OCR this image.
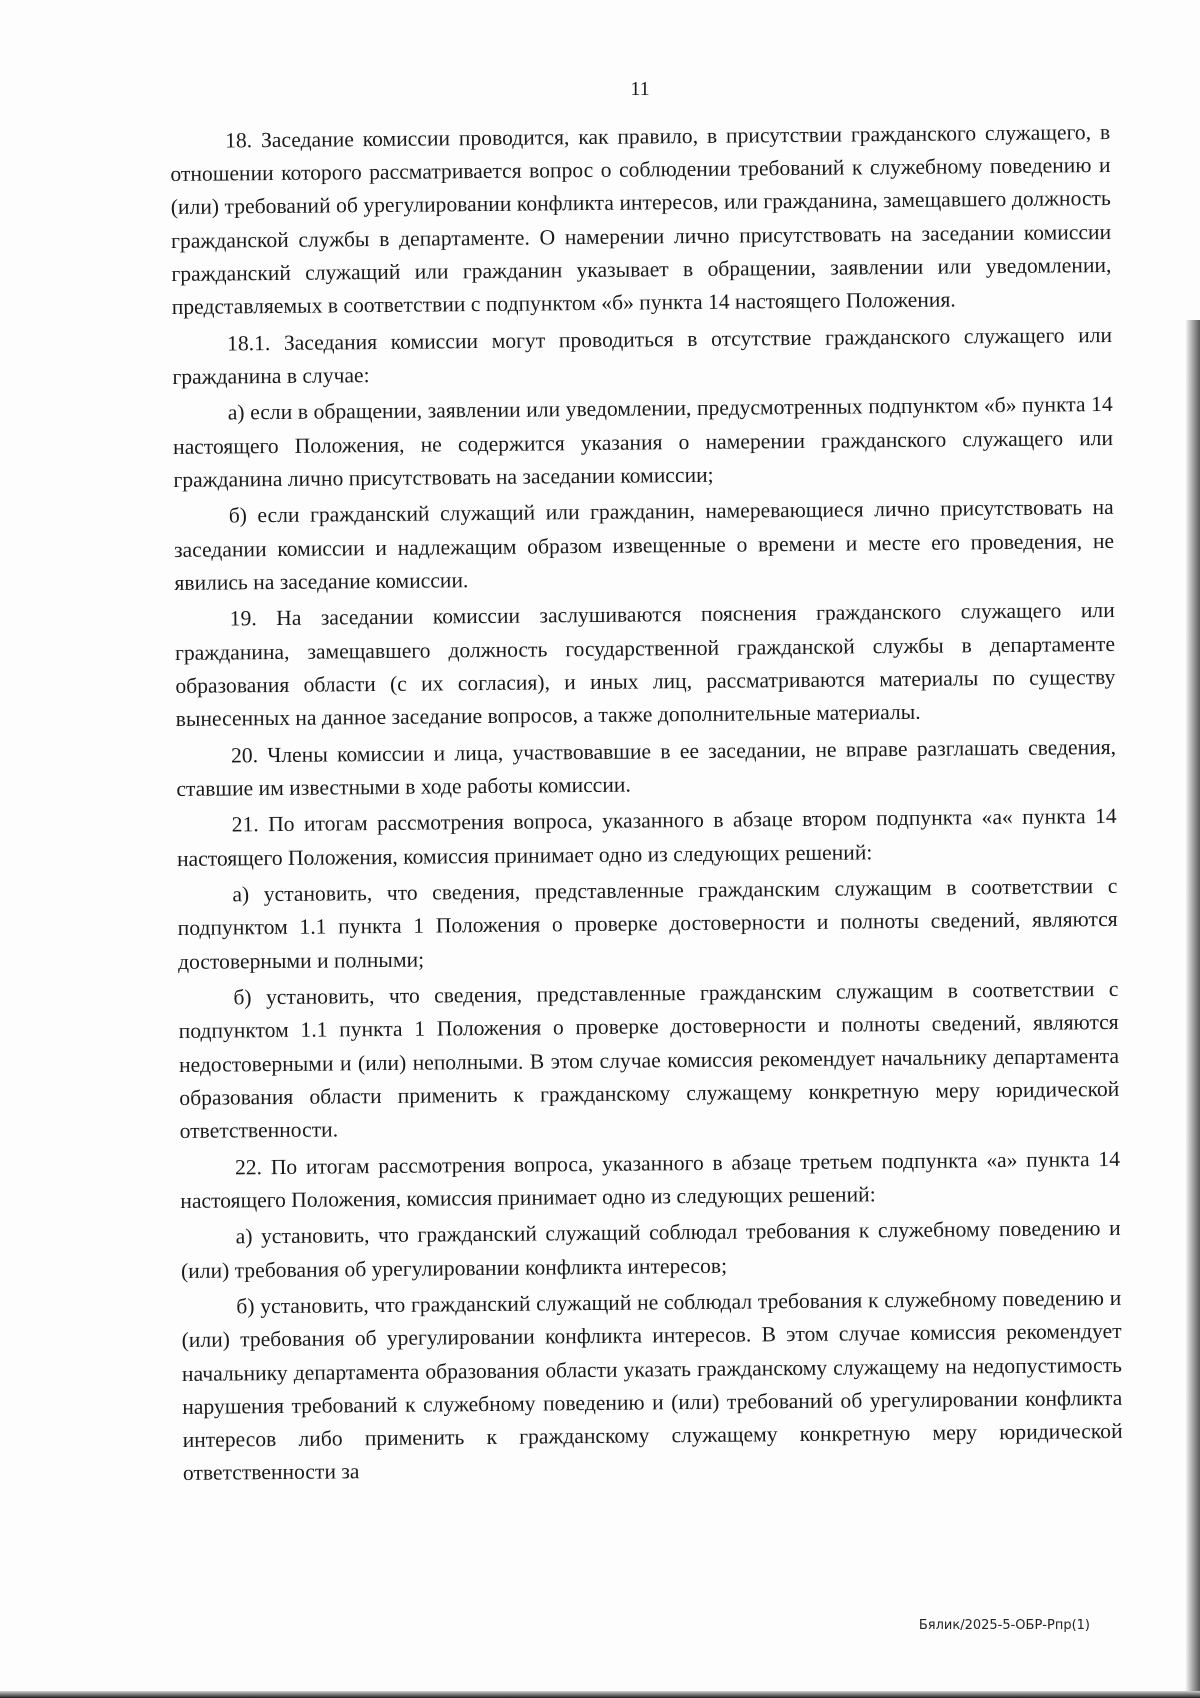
11

18. Заседание комиссии проводится, как правило, в присутствии гражданского служащего, в отношении которого рассматривается вопрос о соблюдении требований к служебному поведению и (или) требований об урегулировании конфликта интересов, или гражданина, замещавшего должность гражданской службы в департаменте. О намерении лично присутствовать на заседании комиссии гражданский служащий или гражданин указывает в обращении, заявлении или уведомлении, представляемых в соответствии с подпунктом «б» пункта 14 настоящего Положения.

18.1. Заседания комиссии могут проводиться в отсутствие гражданского служащего или гражданина в случае:

а) если в обращении, заявлении или уведомлении, предусмотренных подпунктом «б» пункта 14 настоящего Положения, не содержится указания о намерении гражданского служащего или гражданина лично присутствовать на заседании комиссии;

б) если гражданский служащий или гражданин, намеревающиеся лично присутствовать на заседании комиссии и надлежащим образом извещенные о времени и месте его проведения, не явились на заседание комиссии.

19. На заседании комиссии заслушиваются пояснения гражданского служащего или гражданина, замещавшего должность государственной гражданской службы в департаменте образования области (с их согласия), и иных лиц, рассматриваются материалы по существу вынесенных на данное заседание вопросов, а также дополнительные материалы.

20. Члены комиссии и лица, участвовавшие в ее заседании, не вправе разглашать сведения, ставшие им известными в ходе работы комиссии.

21. По итогам рассмотрения вопроса, указанного в абзаце втором подпункта «а« пункта 14 настоящего Положения, комиссия принимает одно из следующих решений:

а) установить, что сведения, представленные гражданским служащим в соответствии с подпунктом 1.1 пункта 1 Положения о проверке достоверности и полноты сведений, являются достоверными и полными;

б) установить, что сведения, представленные гражданским служащим в соответствии с подпунктом 1.1 пункта 1 Положения о проверке достоверности и полноты сведений, являются недостоверными и (или) неполными. В этом случае комиссия рекомендует начальнику департамента образования области применить к гражданскому служащему конкретную меру юридической ответственности.

22. По итогам рассмотрения вопроса, указанного в абзаце третьем подпункта «а» пункта 14 настоящего Положения, комиссия принимает одно из следующих решений:

а) установить, что гражданский служащий соблюдал требования к служебному поведению и (или) требования об урегулировании конфликта интересов;

б) установить, что гражданский служащий не соблюдал требования к служебному поведению и (или) требования об урегулировании конфликта интересов. В этом случае комиссия рекомендует начальнику департамента образования области указать гражданскому служащему на недопустимость нарушения требований к служебному поведению и (или) требований об урегулировании конфликта интересов либо применить к гражданскому служащему конкретную меру юридической ответственности за

Бялик/2025-5-ОБР-Рпр(1)
